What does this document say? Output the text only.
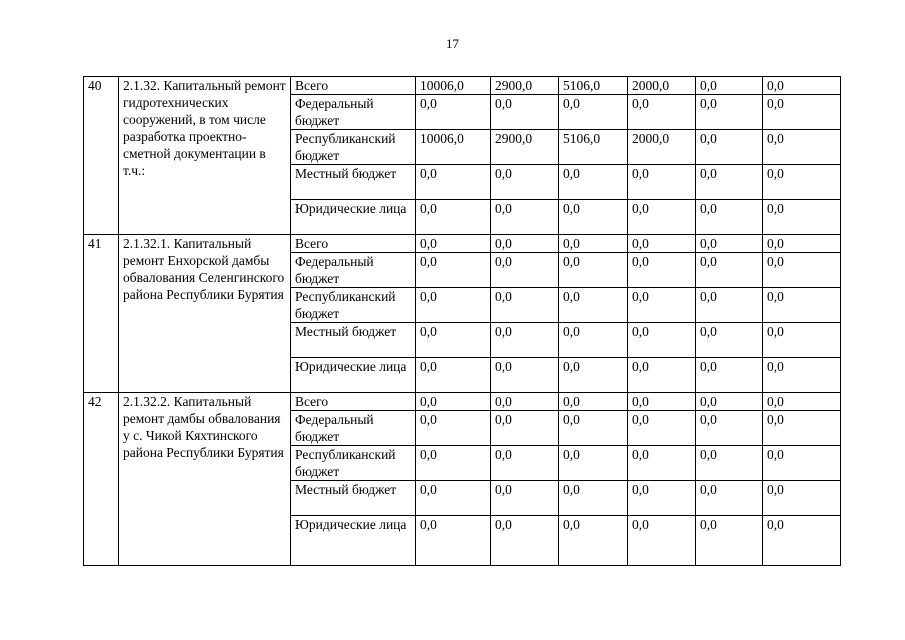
17
40	2.1.32. Капитальный ремонт гидротехнических сооружений, в том числе разработка проектно-сметной документации в т.ч.:	Всего	10006,0	2900,0	5106,0	2000,0	0,0	0,0
		Федеральный бюджет	0,0	0,0	0,0	0,0	0,0	0,0
		Республиканский бюджет	10006,0	2900,0	5106,0	2000,0	0,0	0,0
		Местный бюджет	0,0	0,0	0,0	0,0	0,0	0,0
		Юридические лица	0,0	0,0	0,0	0,0	0,0	0,0
41	2.1.32.1. Капитальный ремонт Енхорской дамбы обвалования Селенгинского района Республики Бурятия	Всего	0,0	0,0	0,0	0,0	0,0	0,0
		Федеральный бюджет	0,0	0,0	0,0	0,0	0,0	0,0
		Республиканский бюджет	0,0	0,0	0,0	0,0	0,0	0,0
		Местный бюджет	0,0	0,0	0,0	0,0	0,0	0,0
		Юридические лица	0,0	0,0	0,0	0,0	0,0	0,0
42	2.1.32.2. Капитальный ремонт дамбы обвалования у с. Чикой Кяхтинского района Республики Бурятия	Всего	0,0	0,0	0,0	0,0	0,0	0,0
		Федеральный бюджет	0,0	0,0	0,0	0,0	0,0	0,0
		Республиканский бюджет	0,0	0,0	0,0	0,0	0,0	0,0
		Местный бюджет	0,0	0,0	0,0	0,0	0,0	0,0
		Юридические лица	0,0	0,0	0,0	0,0	0,0	0,0
